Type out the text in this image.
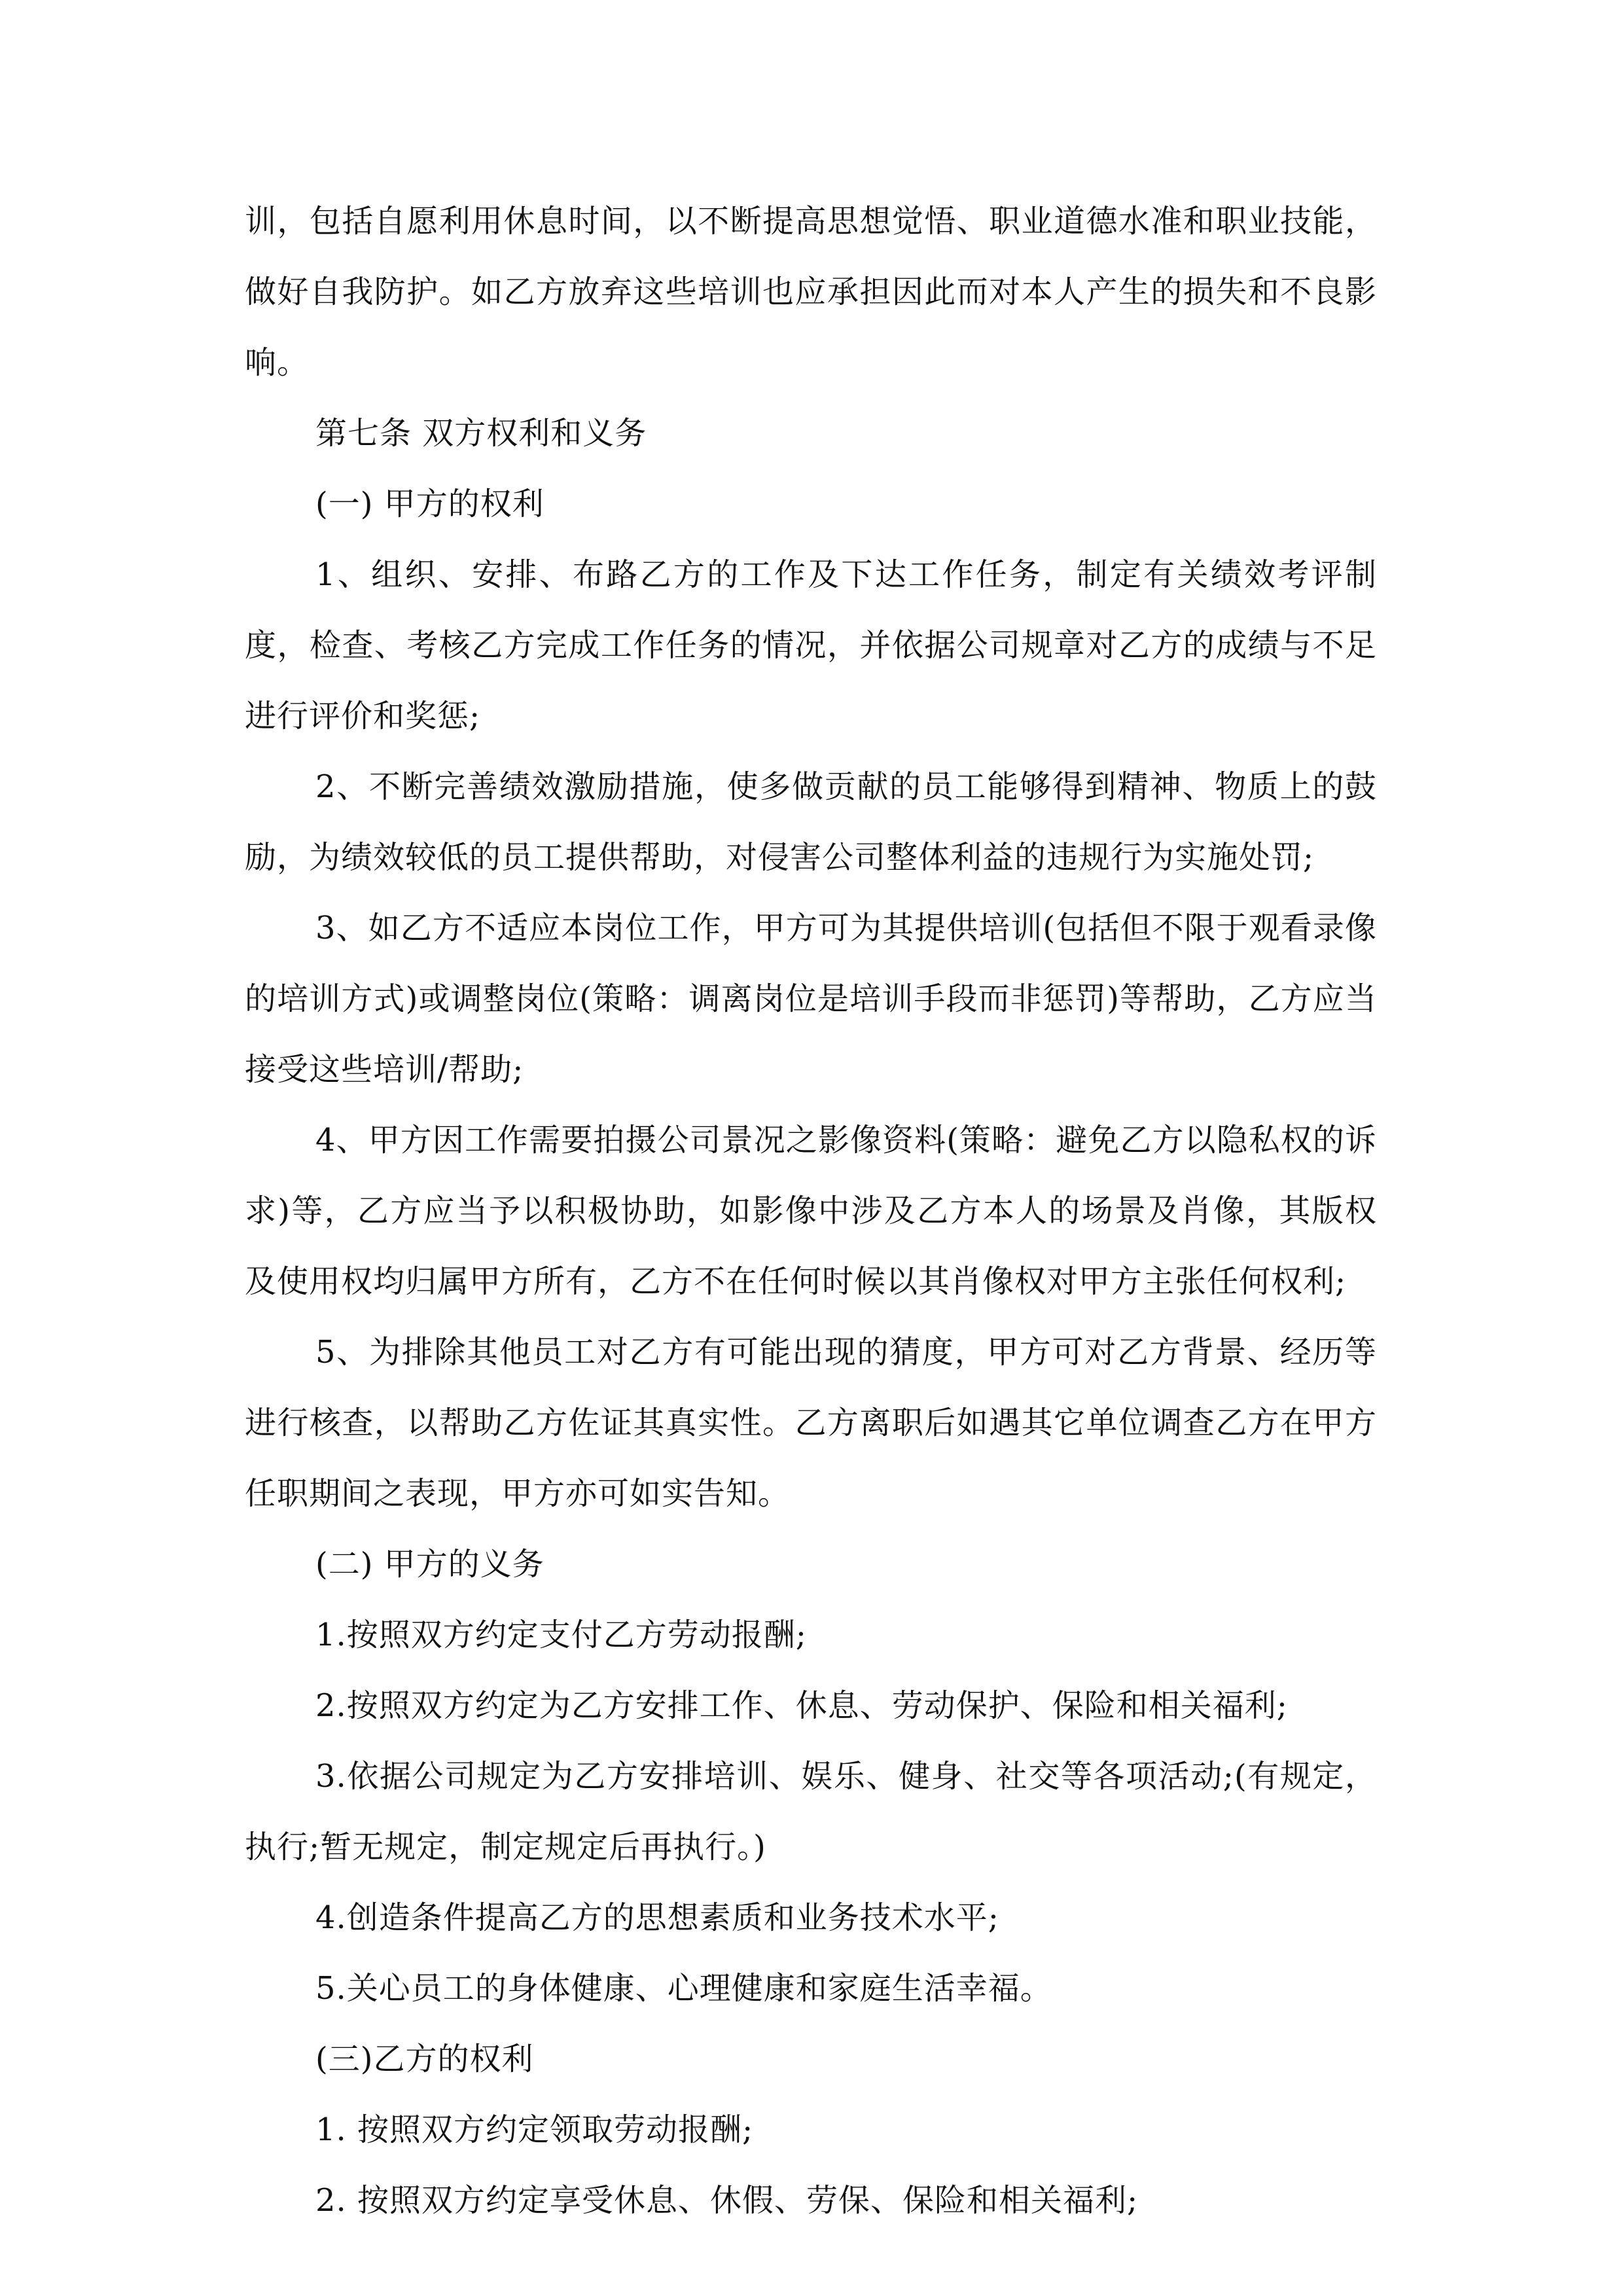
训，包括自愿利用休息时间，以不断提高思想觉悟、职业道德水准和职业技能，做好自我防护。如乙方放弃这些培训也应承担因此而对本人产生的损失和不良影响。

第七条 双方权利和义务

(一) 甲方的权利

1、组织、安排、布路乙方的工作及下达工作任务，制定有关绩效考评制度，检查、考核乙方完成工作任务的情况，并依据公司规章对乙方的成绩与不足进行评价和奖惩;

2、不断完善绩效激励措施，使多做贡献的员工能够得到精神、物质上的鼓励，为绩效较低的员工提供帮助，对侵害公司整体利益的违规行为实施处罚;

3、如乙方不适应本岗位工作，甲方可为其提供培训(包括但不限于观看录像的培训方式)或调整岗位(策略：调离岗位是培训手段而非惩罚)等帮助，乙方应当接受这些培训/帮助;

4、甲方因工作需要拍摄公司景况之影像资料(策略：避免乙方以隐私权的诉求)等，乙方应当予以积极协助，如影像中涉及乙方本人的场景及肖像，其版权及使用权均归属甲方所有，乙方不在任何时候以其肖像权对甲方主张任何权利;

5、为排除其他员工对乙方有可能出现的猜度，甲方可对乙方背景、经历等进行核查，以帮助乙方佐证其真实性。乙方离职后如遇其它单位调查乙方在甲方任职期间之表现，甲方亦可如实告知。

(二) 甲方的义务

1.按照双方约定支付乙方劳动报酬;

2.按照双方约定为乙方安排工作、休息、劳动保护、保险和相关福利;

3.依据公司规定为乙方安排培训、娱乐、健身、社交等各项活动;(有规定，执行;暂无规定，制定规定后再执行。)

4.创造条件提高乙方的思想素质和业务技术水平;

5.关心员工的身体健康、心理健康和家庭生活幸福。

(三)乙方的权利

1. 按照双方约定领取劳动报酬;

2. 按照双方约定享受休息、休假、劳保、保险和相关福利;
